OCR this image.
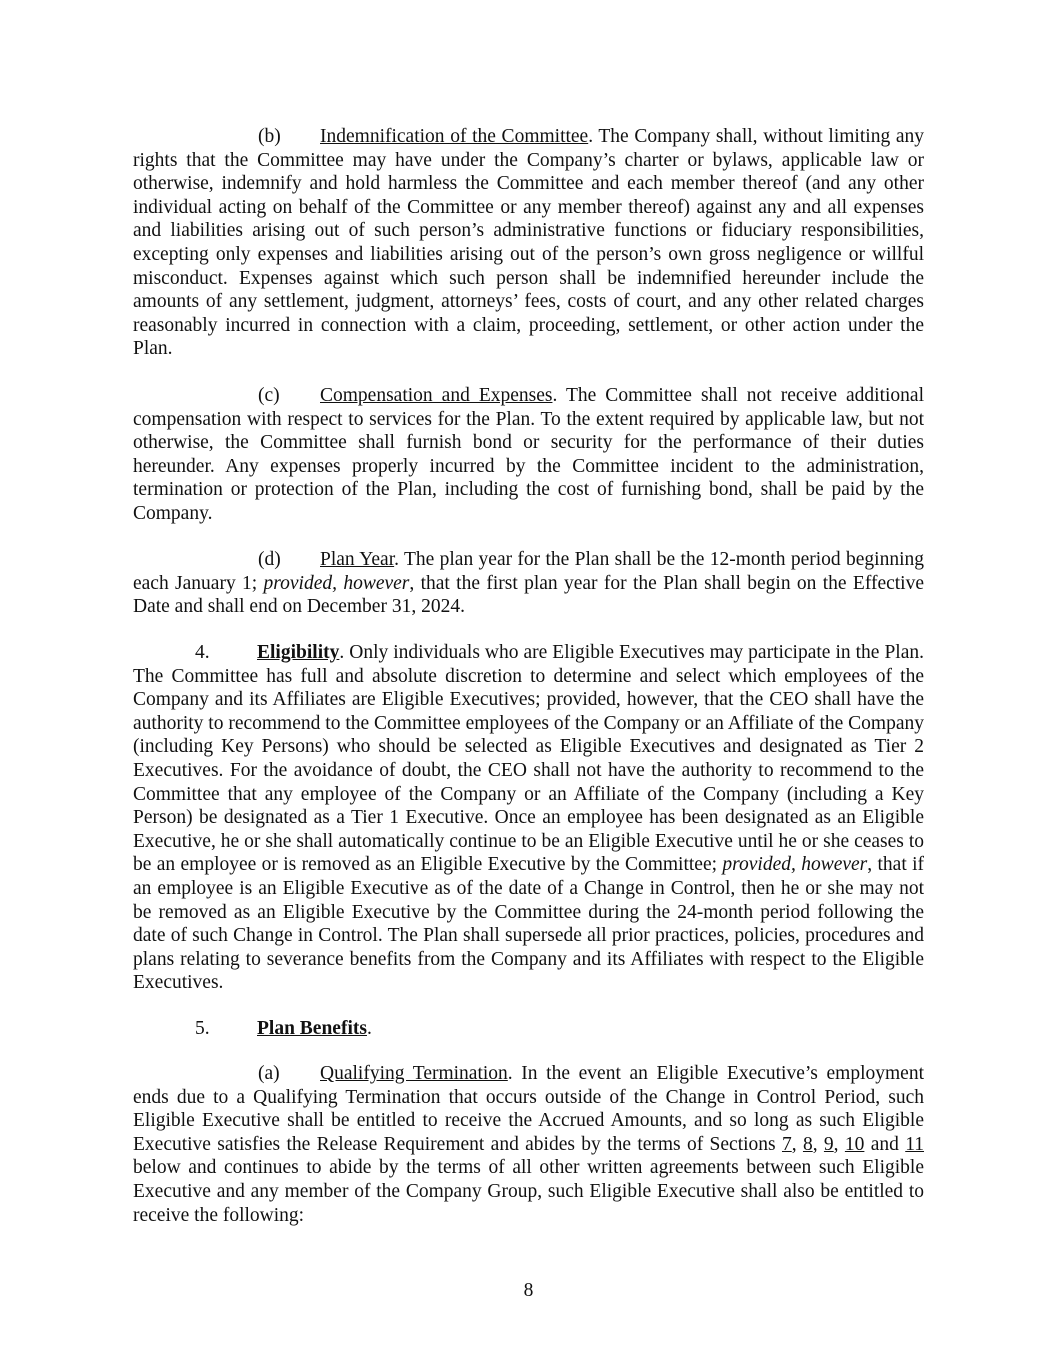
(b) Indemnification of the Committee. The Company shall, without limiting any rights that the Committee may have under the Company’s charter or bylaws, applicable law or otherwise, indemnify and hold harmless the Committee and each member thereof (and any other individual acting on behalf of the Committee or any member thereof) against any and all expenses and liabilities arising out of such person’s administrative functions or fiduciary responsibilities, excepting only expenses and liabilities arising out of the person’s own gross negligence or willful misconduct. Expenses against which such person shall be indemnified hereunder include the amounts of any settlement, judgment, attorneys’ fees, costs of court, and any other related charges reasonably incurred in connection with a claim, proceeding, settlement, or other action under the Plan.

(c) Compensation and Expenses. The Committee shall not receive additional compensation with respect to services for the Plan. To the extent required by applicable law, but not otherwise, the Committee shall furnish bond or security for the performance of their duties hereunder. Any expenses properly incurred by the Committee incident to the administration, termination or protection of the Plan, including the cost of furnishing bond, shall be paid by the Company.

(d) Plan Year. The plan year for the Plan shall be the 12-month period beginning each January 1; provided, however, that the first plan year for the Plan shall begin on the Effective Date and shall end on December 31, 2024.

4. Eligibility. Only individuals who are Eligible Executives may participate in the Plan. The Committee has full and absolute discretion to determine and select which employees of the Company and its Affiliates are Eligible Executives; provided, however, that the CEO shall have the authority to recommend to the Committee employees of the Company or an Affiliate of the Company (including Key Persons) who should be selected as Eligible Executives and designated as Tier 2 Executives. For the avoidance of doubt, the CEO shall not have the authority to recommend to the Committee that any employee of the Company or an Affiliate of the Company (including a Key Person) be designated as a Tier 1 Executive. Once an employee has been designated as an Eligible Executive, he or she shall automatically continue to be an Eligible Executive until he or she ceases to be an employee or is removed as an Eligible Executive by the Committee; provided, however, that if an employee is an Eligible Executive as of the date of a Change in Control, then he or she may not be removed as an Eligible Executive by the Committee during the 24-month period following the date of such Change in Control. The Plan shall supersede all prior practices, policies, procedures and plans relating to severance benefits from the Company and its Affiliates with respect to the Eligible Executives.

5. Plan Benefits.

(a) Qualifying Termination. In the event an Eligible Executive’s employment ends due to a Qualifying Termination that occurs outside of the Change in Control Period, such Eligible Executive shall be entitled to receive the Accrued Amounts, and so long as such Eligible Executive satisfies the Release Requirement and abides by the terms of Sections 7, 8, 9, 10 and 11 below and continues to abide by the terms of all other written agreements between such Eligible Executive and any member of the Company Group, such Eligible Executive shall also be entitled to receive the following:

8
